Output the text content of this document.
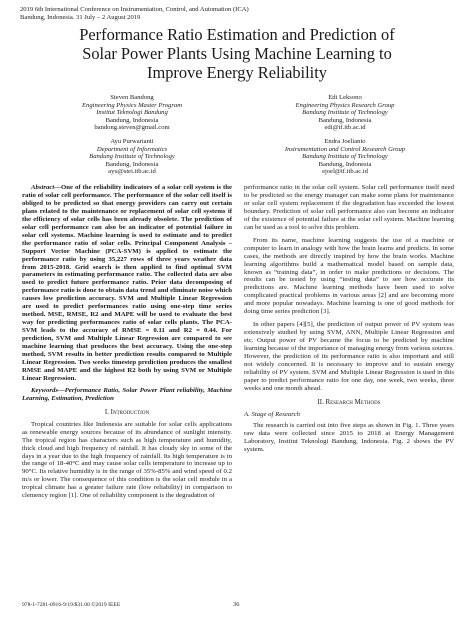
2019 6th International Conference on Instrumentation, Control, and Automation (ICA)
Bandung, Indonesia. 31 July – 2 August 2019
Performance Ratio Estimation and Prediction of
Solar Power Plants Using Machine Learning to
Improve Energy Reliability
Steven Bandong
Engineering Physics Master Program
Institut Teknologi Bandung
Bandung, Indonesia
bandong.steven@gmail.com
Edi Leksono
Engineering Physics Research Group
Bandung Institute of Technology
Bandung, Indonesia
edi@tf.itb.ac.id
Ayu Purwarianti
Department of Informatics
Bandung Institute of Technology
Bandung, Indonesia
ayu@stei.itb.ac.id
Endra Joelianto
Instrumentation and Control Research Group
Bandung Institute of Technology
Bandung, Indonesia
ejoel@tf.itb.ac.id

Abstract—One of the reliability indicators of a solar cell system is the ratio of solar cell performance. The performance of the solar cell itself is obliged to be predicted so that energy providers can carry out certain plans related to the maintenance or replacement of solar cell systems if the efficiency of solar cells has been already obsolete. The prediction of solar cell performance can also be an indicator of potential failure in solar cell systems. Machine learning is used to estimate and to predict the performance ratio of solar cells. Principal Component Analysis – Support Vector Machine (PCA-SVM) is applied to estimate the performance ratio by using 35,227 rows of three years weather data from 2015-2018. Grid search is then applied to find optimal SVM parameters in estimating performance ratio. The collected data are also used to predict future performance ratio. Prior data decomposing of performance ratio is done to obtain data trend and eliminate noise which causes low prediction accuracy. SVM and Multiple Linear Regression are used to predict performances ratio using one-step time series method. MSE, RMSE, R2 and MAPE will be used to evaluate the best way for predicting performances ratio of solar cells plants. The PCA-SVM leads to the accuracy of RMSE = 0.11 and R2 = 0.44. For prediction, SVM and Multiple Linear Regression are compared to see machine learning that produces the best accuracy. Using the one-step method, SVM results in better prediction results compared to Multiple Linear Regression. Two weeks timestep prediction produces the smallest RMSE and MAPE and the highest R2 both by using SVM or Multiple Linear Regression.

Keywords—Performance Ratio, Solar Power Plant reliability, Machine Learning, Estimation, Prediction

I. Introduction

Tropical countries like Indonesia are suitable for solar cells applications as renewable energy sources because of its abundance of sunlight intensity. The tropical region has characters such as high temperature and humidity, thick cloud and high frequency of rainfall. It has cloudy sky in some of the days in a year due to the high frequency of rainfall. Its high temperature is in the range of 18-40°C and may cause solar cells temperature to increase up to 90°C. Its relative humidity is in the range of 35%-85% and wind speed of 0.2 m/s or lower. The consequence of this condition is the solar cell module in a tropical climate has a greater failure rate (low reliability) in comparison to clemency region [1]. One of reliability component is the degradation of

performance ratio in the solar cell system. Solar cell performance itself need to be predicted so the energy manager can make some plans for maintenance or solar cell system replacement if the degradation has exceeded the lowest boundary. Prediction of solar cell performance also can become an indicator of the existence of potential failure at the solar cell system. Machine learning can be used as a tool to solve this problem.

From its name, machine learning suggests the use of a machine or computer to learn in analogy with how the brain learns and predicts. In some cases, the methods are directly inspired by how the brain works. Machine learning algorithms build a mathematical model based on sample data, known as “training data”, in order to make predictions or decisions. The results can be tested by using “testing data” to see how accurate its predictions are. Machine learning methods have been used to solve complicated practical problems in various areas [2] and are becoming more and more popular nowadays. Machine learning is one of good methods for doing time series prediction [3].

In other papers [4][5], the prediction of output power of PV system was extensively studied by using SVM, ANN, Multiple Linear Regression and etc. Output power of PV became the focus to be predicted by machine learning because of the importance of managing energy from various sources. However, the prediction of its performance ratio is also important and still not widely concerned. It is necessary to improve and to sustain energy reliability of PV system. SVM and Multiple Linear Regression is used in this paper to predict performance ratio for one day, one week, two weeks, three weeks and one month ahead.

II. Research Methods

A. Stage of Research

The research is carried out into five steps as shown in Fig. 1. Three years raw data were collected since 2015 to 2018 at Energy Management Laboratory, Institut Teknologi Bandung, Indonesia. Fig. 2 shows the PV system.

978-1-7281-0916-9/19/$31.00 ©2019 IEEE	36
